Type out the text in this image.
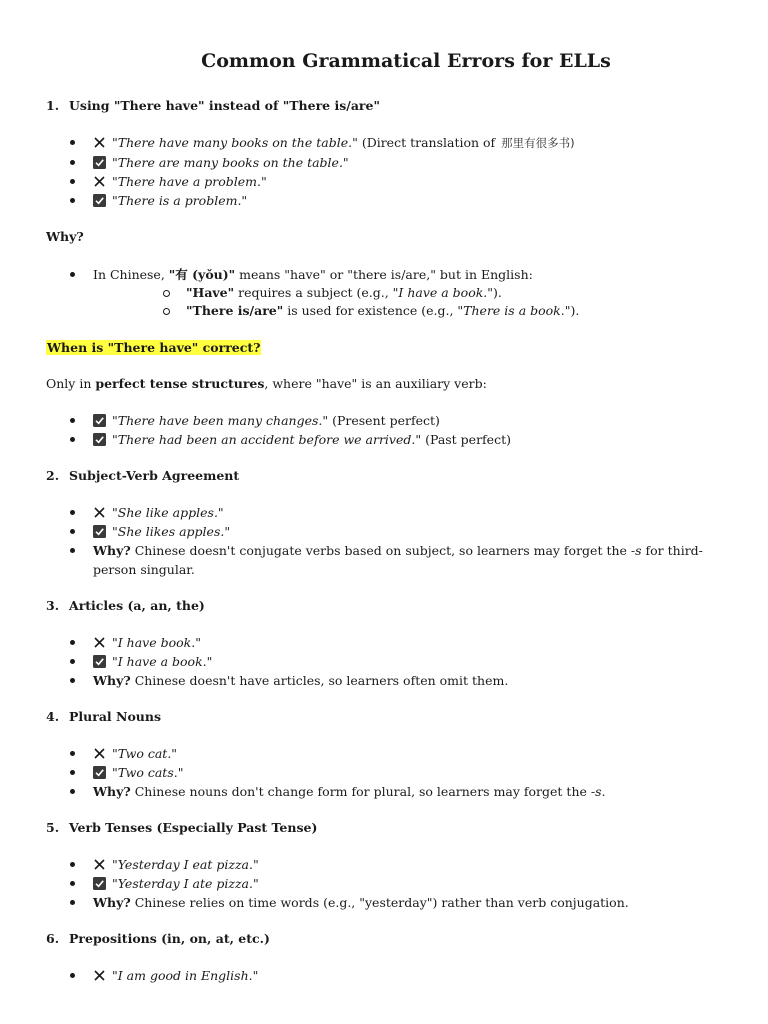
Common Grammatical Errors for ELLs
1. Using "There have" instead of "There is/are"
"There have many books on the table." (Direct translation of 那里有很多书)
"There are many books on the table."
"There have a problem."
"There is a problem."
Why?
In Chinese, "有 (yǒu)" means "have" or "there is/are," but in English:
"Have" requires a subject (e.g., "I have a book.").
"There is/are" is used for existence (e.g., "There is a book.").
When is "There have" correct?

Only in perfect tense structures, where "have" is an auxiliary verb:

"There have been many changes." (Present perfect)
"There had been an accident before we arrived." (Past perfect)
2. Subject-Verb Agreement
"She like apples."
"She likes apples."
Why? Chinese doesn't conjugate verbs based on subject, so learners may forget the -s for third-person singular.
3. Articles (a, an, the)
"I have book."
"I have a book."
Why? Chinese doesn't have articles, so learners often omit them.
4. Plural Nouns
"Two cat."
"Two cats."
Why? Chinese nouns don't change form for plural, so learners may forget the -s.
5. Verb Tenses (Especially Past Tense)
"Yesterday I eat pizza."
"Yesterday I ate pizza."
Why? Chinese relies on time words (e.g., "yesterday") rather than verb conjugation.
6. Prepositions (in, on, at, etc.)
"I am good in English."
